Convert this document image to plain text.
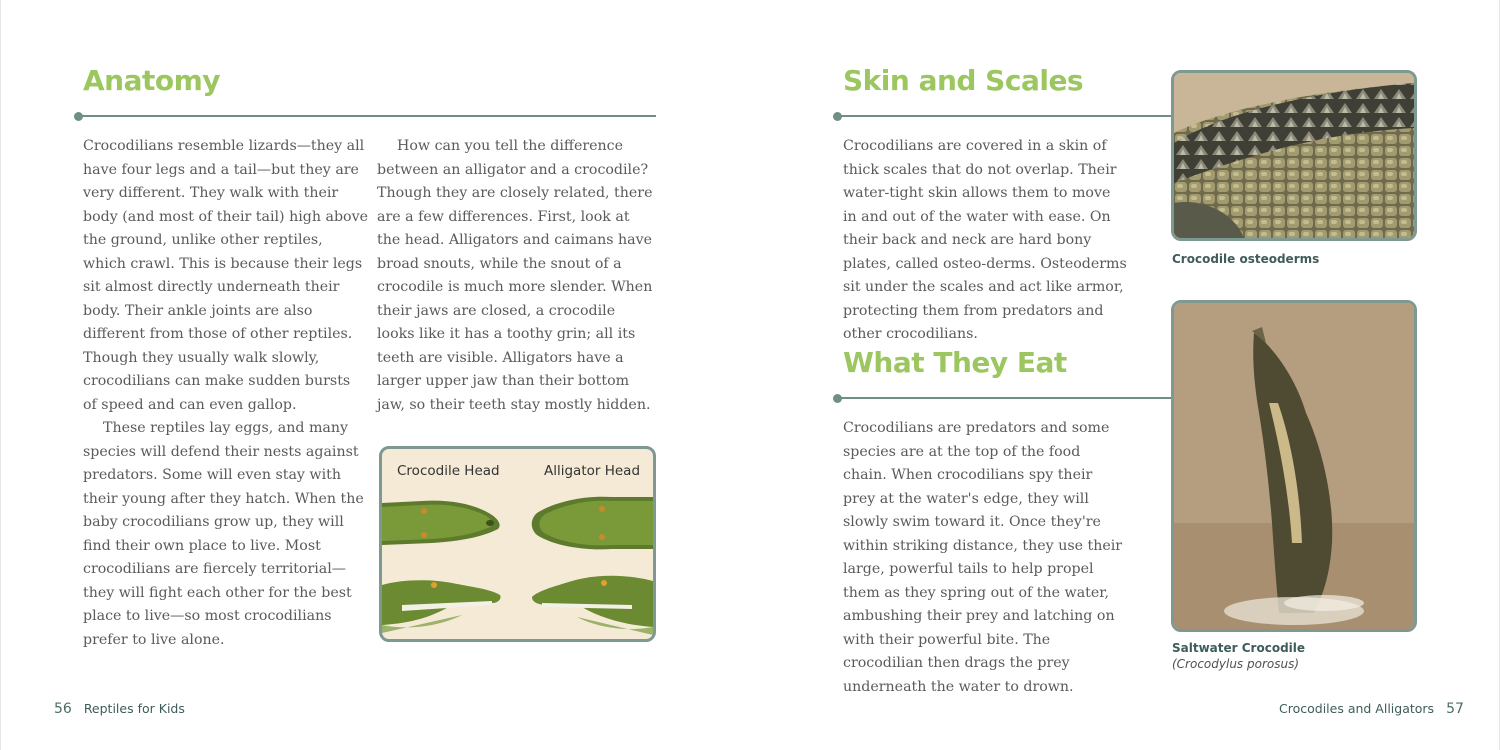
Anatomy

Crocodilians resemble lizards—they all have four legs and a tail—but they are very different. They walk with their body (and most of their tail) high above the ground, unlike other reptiles, which crawl. This is because their legs sit almost directly underneath their body. Their ankle joints are also different from those of other reptiles. Though they usually walk slowly, crocodilians can make sudden bursts of speed and can even gallop.

These reptiles lay eggs, and many species will defend their nests against predators. Some will even stay with their young after they hatch. When the baby crocodilians grow up, they will find their own place to live. Most crocodilians are fiercely territorial—they will fight each other for the best place to live—so most crocodilians prefer to live alone.

How can you tell the difference between an alligator and a crocodile? Though they are closely related, there are a few differences. First, look at the head. Alligators and caimans have broad snouts, while the snout of a crocodile is much more slender. When their jaws are closed, a crocodile looks like it has a toothy grin; all its teeth are visible. Alligators have a larger upper jaw than their bottom jaw, so their teeth stay mostly hidden.

Crocodile Head	Alligator Head
56 Reptiles for Kids
Skin and Scales

Crocodilians are covered in a skin of thick scales that do not overlap. Their water-tight skin allows them to move in and out of the water with ease. On their back and neck are hard bony plates, called osteo-derms. Osteoderms sit under the scales and act like armor, protecting them from predators and other crocodilians.

What They Eat

Crocodilians are predators and some species are at the top of the food chain. When crocodilians spy their prey at the water's edge, they will slowly swim toward it. Once they're within striking distance, they use their large, powerful tails to help propel them as they spring out of the water, ambushing their prey and latching on with their powerful bite. The crocodilian then drags the prey underneath the water to drown.

Crocodile osteoderms
Saltwater Crocodile
(Crocodylus porosus)
Crocodiles and Alligators 57
